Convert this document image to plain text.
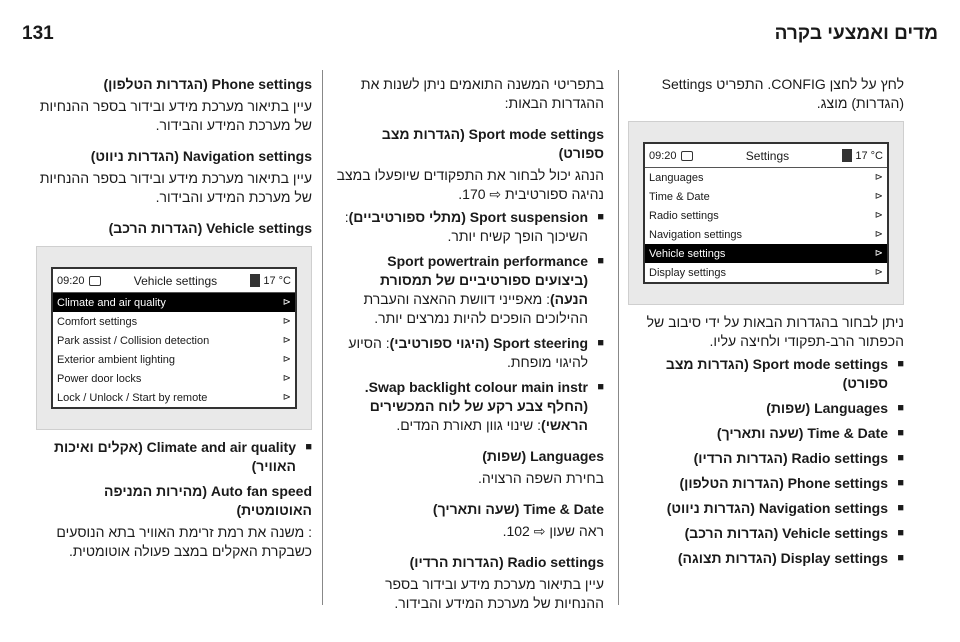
מדים ואמצעי בקרה
131

לחץ על לחצן CONFIG. התפריט Settings (הגדרות) מוצג.

09:20	Settings	17 °C
Languages	⊳
Time & Date	⊳
Radio settings	⊳
Navigation settings	⊳
Vehicle settings	⊳
Display settings	⊳

ניתן לבחור בהגדרות הבאות על ידי סיבוב של הכפתור הרב-תפקודי ולחיצה עליו.

■ Sport mode settings (הגדרות מצב ספורט)
■ Languages (שפות)
■ Time & Date (שעה ותאריך)
■ Radio settings (הגדרות הרדיו)
■ Phone settings (הגדרות הטלפון)
■ Navigation settings (הגדרות ניווט)
■ Vehicle settings (הגדרות הרכב)
■ Display settings (הגדרות תצוגה)

בתפריטי המשנה התואמים ניתן לשנות את ההגדרות הבאות:

Sport mode settings (הגדרות מצב ספורט)

הנהג יכול לבחור את התפקודים שיופעלו במצב נהיגה ספורטיבית ⇨ 170.

■ Sport suspension (מתלי ספורטיביים): השיכוך הופך קשיח יותר.
■ Sport powertrain performance (ביצועים ספורטיביים של תמסורת הנעה): מאפייני דוושת ההאצה והעברת ההילוכים הופכים להיות נמרצים יותר.
■ Sport steering (היגוי ספורטיבי): הסיוע להיגוי מופחת.
■ Swap backlight colour main instr. (החלף צבע רקע של לוח המכשירים הראשי): שינוי גוון תאורת המדים.

Languages (שפות)

בחירת השפה הרצויה.

Time & Date (שעה ותאריך)

ראה שעון ⇨ 102.

Radio settings (הגדרות הרדיו)

עיין בתיאור מערכת מידע ובידור בספר ההנחיות של מערכת המידע והבידור.

Phone settings (הגדרות הטלפון)

עיין בתיאור מערכת מידע ובידור בספר ההנחיות של מערכת המידע והבידור.

Navigation settings (הגדרות ניווט)

עיין בתיאור מערכת מידע ובידור בספר ההנחיות של מערכת המידע והבידור.

Vehicle settings (הגדרות הרכב)

09:20	Vehicle settings	17 °C
Climate and air quality	⊳
Comfort settings	⊳
Park assist / Collision detection	⊳
Exterior ambient lighting	⊳
Power door locks	⊳
Lock / Unlock / Start by remote	⊳
■ Climate and air quality (אקלים ואיכות האוויר)

Auto fan speed (מהירות המניפה האוטומטית)

: משנה את רמת זרימת האוויר בתא הנוסעים כשבקרת האקלים במצב פעולה אוטומטית.
